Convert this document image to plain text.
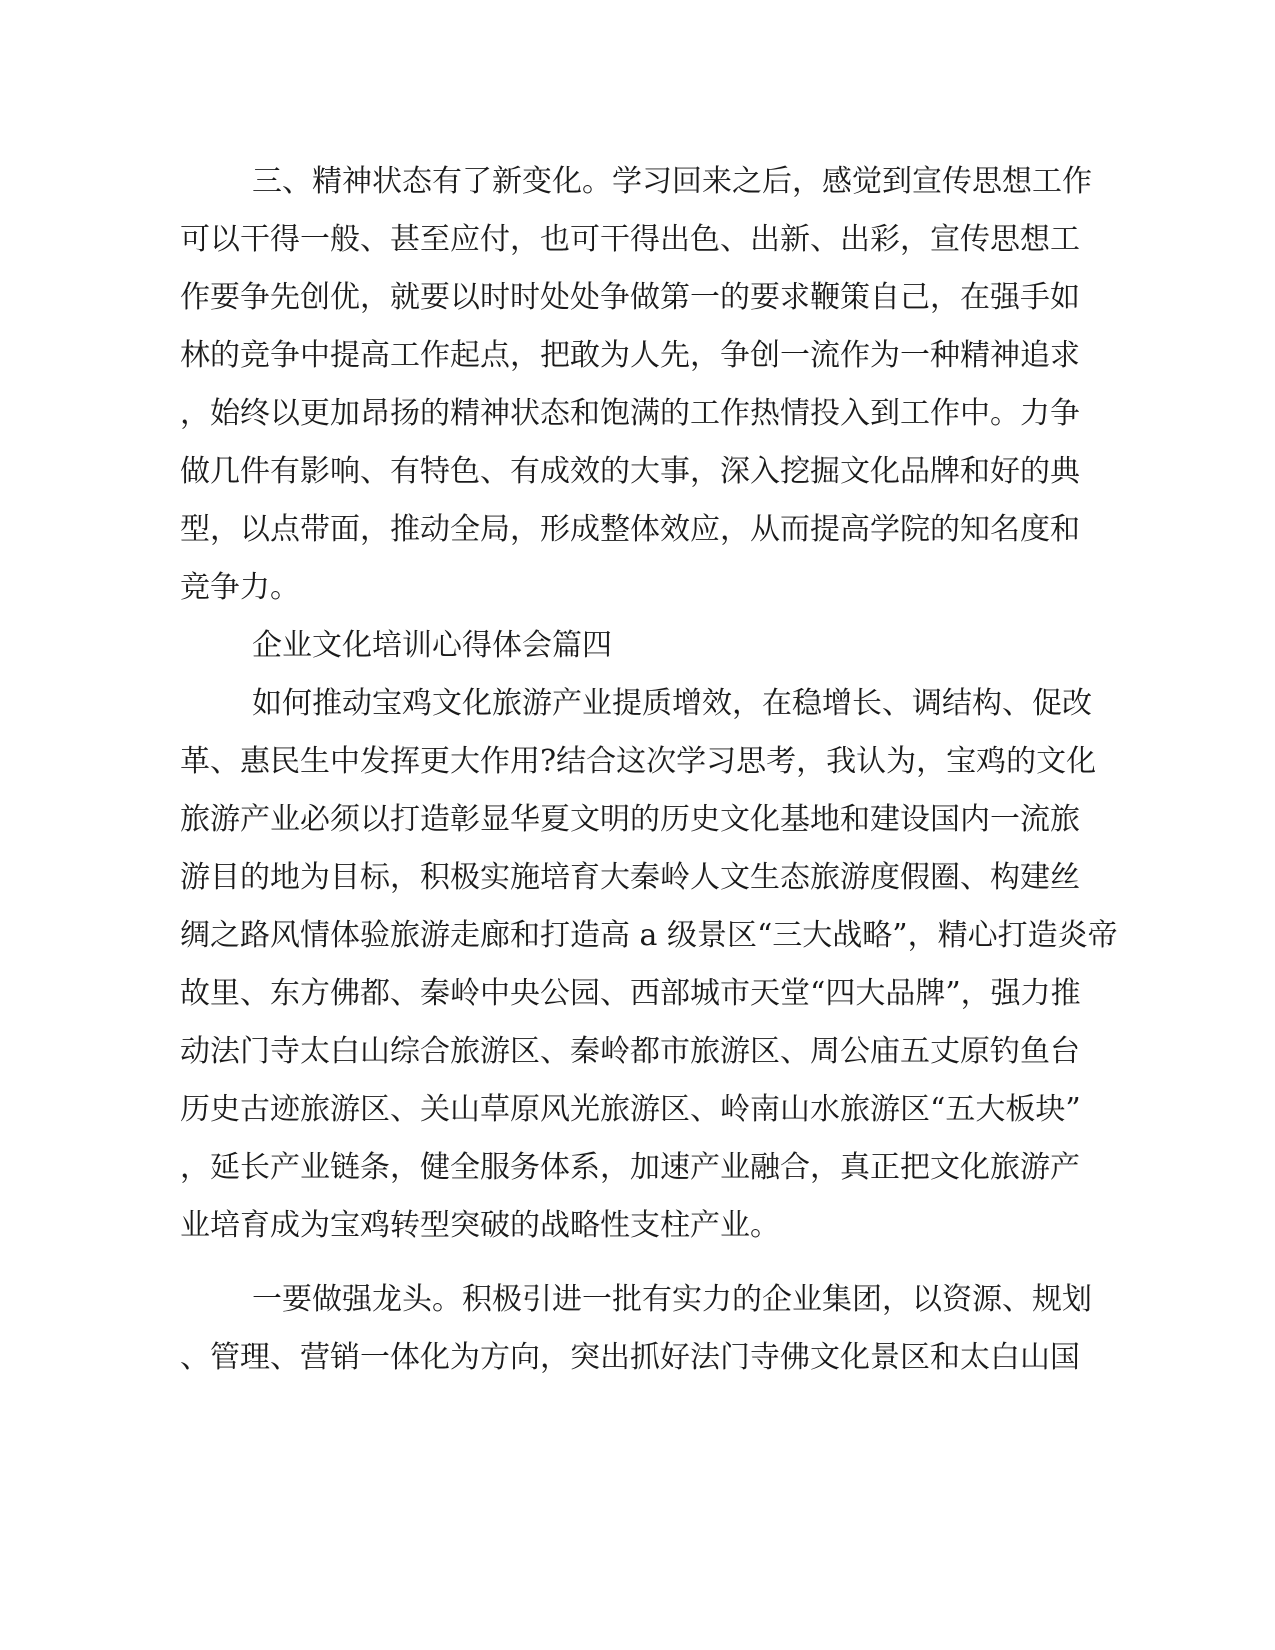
三、精神状态有了新变化。学习回来之后，感觉到宣传思想工作

可以干得一般、甚至应付，也可干得出色、出新、出彩，宣传思想工

作要争先创优，就要以时时处处争做第一的要求鞭策自己，在强手如

林的竞争中提高工作起点，把敢为人先，争创一流作为一种精神追求

，始终以更加昂扬的精神状态和饱满的工作热情投入到工作中。力争

做几件有影响、有特色、有成效的大事，深入挖掘文化品牌和好的典

型，以点带面，推动全局，形成整体效应，从而提高学院的知名度和

竞争力。

企业文化培训心得体会篇四

如何推动宝鸡文化旅游产业提质增效，在稳增长、调结构、促改

革、惠民生中发挥更大作用?结合这次学习思考，我认为，宝鸡的文化

旅游产业必须以打造彰显华夏文明的历史文化基地和建设国内一流旅

游目的地为目标，积极实施培育大秦岭人文生态旅游度假圈、构建丝

绸之路风情体验旅游走廊和打造高 a 级景区“三大战略”，精心打造炎帝

故里、东方佛都、秦岭中央公园、西部城市天堂“四大品牌”，强力推

动法门寺太白山综合旅游区、秦岭都市旅游区、周公庙五丈原钓鱼台

历史古迹旅游区、关山草原风光旅游区、岭南山水旅游区“五大板块”

，延长产业链条，健全服务体系，加速产业融合，真正把文化旅游产

业培育成为宝鸡转型突破的战略性支柱产业。

一要做强龙头。积极引进一批有实力的企业集团，以资源、规划

、管理、营销一体化为方向，突出抓好法门寺佛文化景区和太白山国
